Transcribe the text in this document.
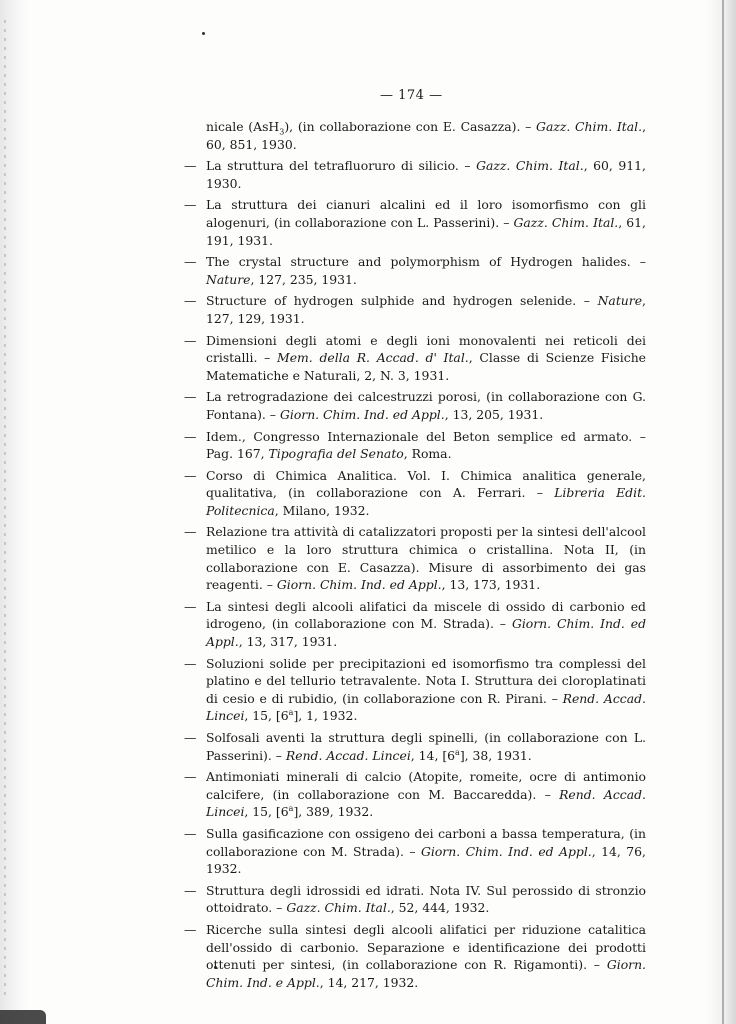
— 174 —
nicale (AsH$_3$), (in collaborazione con E. Casazza). – Gazz. Chim. Ital., 60, 851, 1930.
— La struttura del tetrafluoruro di silicio. – Gazz. Chim. Ital., 60, 911, 1930.
— La struttura dei cianuri alcalini ed il loro isomorfismo con gli alogenuri, (in collaborazione con L. Passerini). – Gazz. Chim. Ital., 61, 191, 1931.
— The crystal structure and polymorphism of Hydrogen halides. – Nature, 127, 235, 1931.
— Structure of hydrogen sulphide and hydrogen selenide. – Nature, 127, 129, 1931.
— Dimensioni degli atomi e degli ioni monovalenti nei reticoli dei cristalli. – Mem. della R. Accad. d' Ital., Classe di Scienze Fisiche Matematiche e Naturali, 2, N. 3, 1931.
— La retrogradazione dei calcestruzzi porosi, (in collaborazione con G. Fontana). – Giorn. Chim. Ind. ed Appl., 13, 205, 1931.
— Idem., Congresso Internazionale del Beton semplice ed armato. – Pag. 167, Tipografia del Senato, Roma.
— Corso di Chimica Analitica. Vol. I. Chimica analitica generale, qualitativa, (in collaborazione con A. Ferrari. – Libreria Edit. Politecnica, Milano, 1932.
— Relazione tra attività di catalizzatori proposti per la sintesi dell'alcool metilico e la loro struttura chimica o cristallina. Nota II, (in collaborazione con E. Casazza). Misure di assorbimento dei gas reagenti. – Giorn. Chim. Ind. ed Appl., 13, 173, 1931.
— La sintesi degli alcooli alifatici da miscele di ossido di carbonio ed idrogeno, (in collaborazione con M. Strada). – Giorn. Chim. Ind. ed Appl., 13, 317, 1931.
— Soluzioni solide per precipitazioni ed isomorfismo tra complessi del platino e del tellurio tetravalente. Nota I. Struttura dei cloroplatinati di cesio e di rubidio, (in collaborazione con R. Pirani. – Rend. Accad. Lincei, 15, [6$^a$], 1, 1932.
— Solfosali aventi la struttura degli spinelli, (in collaborazione con L. Passerini). – Rend. Accad. Lincei, 14, [6$^a$], 38, 1931.
— Antimoniati minerali di calcio (Atopite, romeite, ocre di antimonio calcifere, (in collaborazione con M. Baccaredda). – Rend. Accad. Lincei, 15, [6$^a$], 389, 1932.
— Sulla gasificazione con ossigeno dei carboni a bassa temperatura, (in collaborazione con M. Strada). – Giorn. Chim. Ind. ed Appl., 14, 76, 1932.
— Struttura degli idrossidi ed idrati. Nota IV. Sul perossido di stronzio ottoidrato. – Gazz. Chim. Ital., 52, 444, 1932.
— Ricerche sulla sintesi degli alcooli alifatici per riduzione catalitica dell'ossido di carbonio. Separazione e identificazione dei prodotti ottenuti per sintesi, (in collaborazione con R. Rigamonti). – Giorn. Chim. Ind. e Appl., 14, 217, 1932.
